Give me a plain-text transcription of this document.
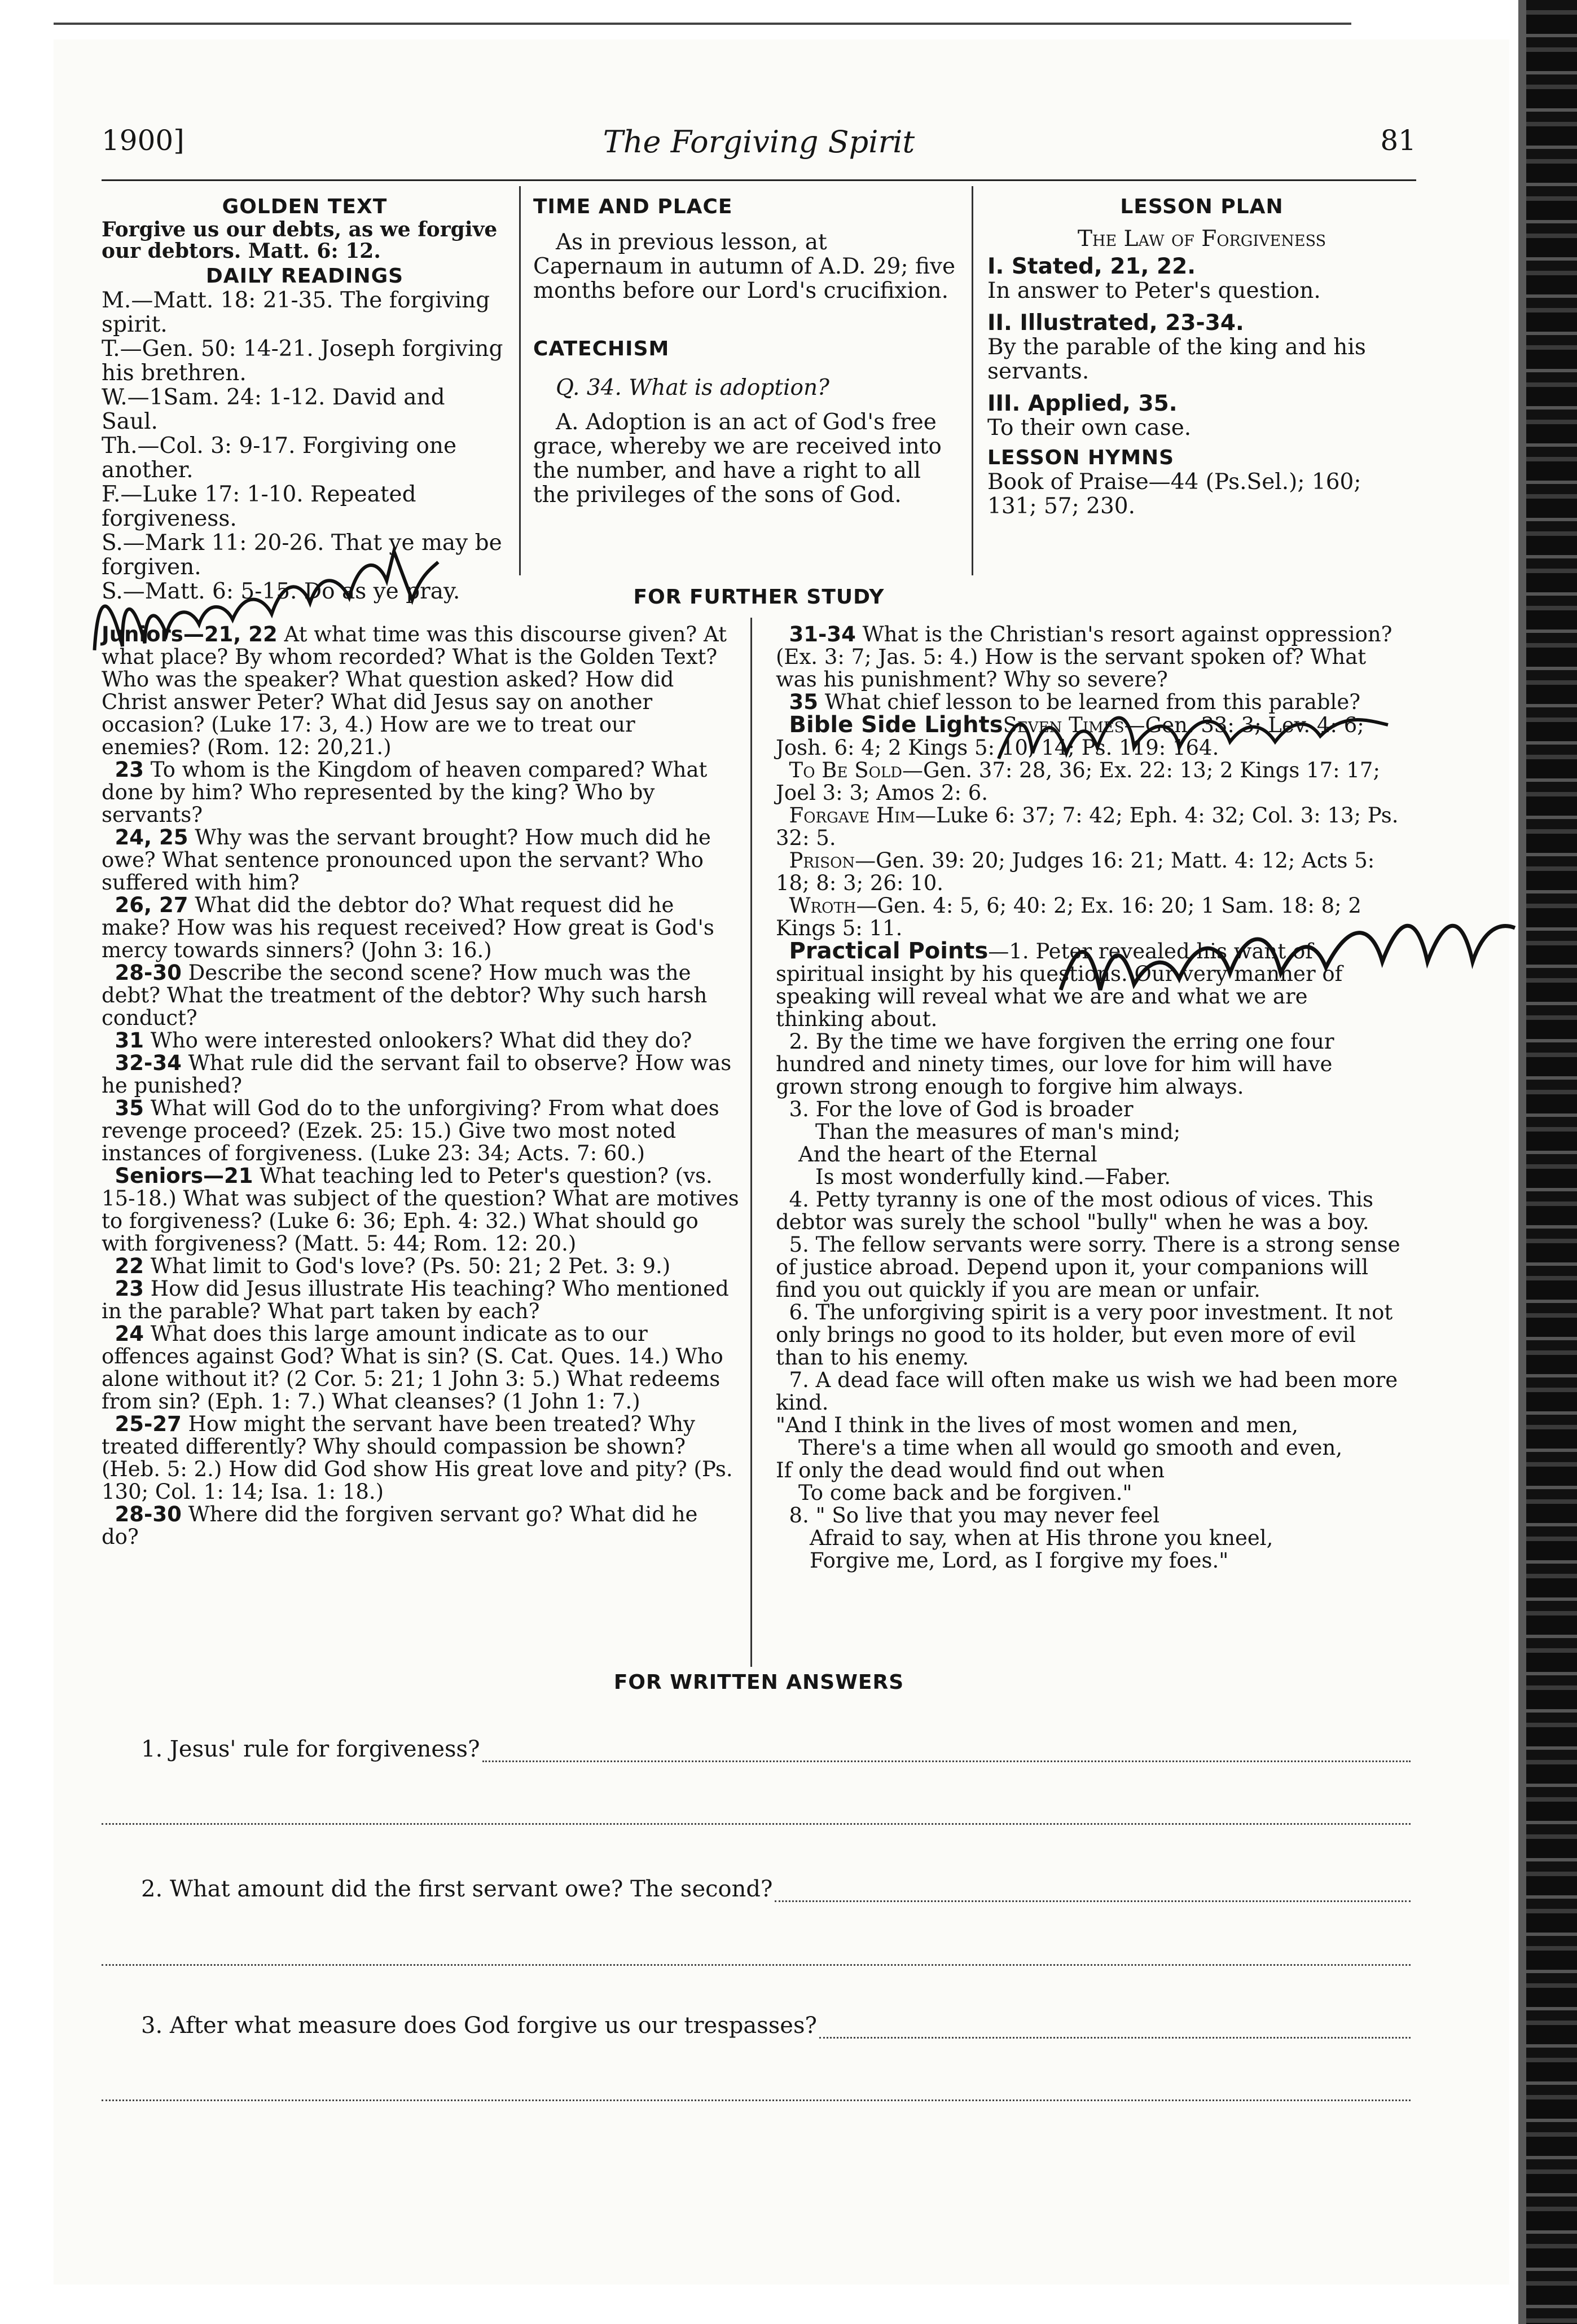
1900]	The Forgiving Spirit	81
GOLDEN TEXT

Forgive us our debts, as we forgive our debtors. Matt. 6: 12.

DAILY READINGS
M.—Matt. 18: 21-35. The forgiving spirit.
T.—Gen. 50: 14-21. Joseph forgiving his brethren.
W.—1Sam. 24: 1-12. David and Saul.
Th.—Col. 3: 9-17. Forgiving one another.
F.—Luke 17: 1-10. Repeated forgiveness.
S.—Mark 11: 20-26. That ye may be forgiven.
S.—Matt. 6: 5-15. Do as ye pray.
TIME AND PLACE

As in previous lesson, at Capernaum in autumn of A.D. 29; five months before our Lord's crucifixion.

CATECHISM

Q. 34. What is adoption?

A. Adoption is an act of God's free grace, whereby we are received into the number, and have a right to all the privileges of the sons of God.

LESSON PLAN

The Law of Forgiveness

I. Stated, 21, 22.
In answer to Peter's question.
II. Illustrated, 23-34.
By the parable of the king and his servants.
III. Applied, 35.
To their own case.
LESSON HYMNS

Book of Praise—44 (Ps.Sel.); 160; 131; 57; 230.

FOR FURTHER STUDY

Juniors—21, 22 At what time was this discourse given? At what place? By whom recorded? What is the Golden Text? Who was the speaker? What question asked? How did Christ answer Peter? What did Jesus say on another occasion? (Luke 17: 3, 4.) How are we to treat our enemies? (Rom. 12: 20,21.)

23 To whom is the Kingdom of heaven compared? What done by him? Who represented by the king? Who by servants?

24, 25 Why was the servant brought? How much did he owe? What sentence pronounced upon the servant? Who suffered with him?

26, 27 What did the debtor do? What request did he make? How was his request received? How great is God's mercy towards sinners? (John 3: 16.)

28-30 Describe the second scene? How much was the debt? What the treatment of the debtor? Why such harsh conduct?

31 Who were interested onlookers? What did they do?

32-34 What rule did the servant fail to observe? How was he punished?

35 What will God do to the unforgiving? From what does revenge proceed? (Ezek. 25: 15.) Give two most noted instances of forgiveness. (Luke 23: 34; Acts. 7: 60.)

Seniors—21 What teaching led to Peter's question? (vs. 15-18.) What was subject of the question? What are motives to forgiveness? (Luke 6: 36; Eph. 4: 32.) What should go with forgiveness? (Matt. 5: 44; Rom. 12: 20.)

22 What limit to God's love? (Ps. 50: 21; 2 Pet. 3: 9.)

23 How did Jesus illustrate His teaching? Who mentioned in the parable? What part taken by each?

24 What does this large amount indicate as to our offences against God? What is sin? (S. Cat. Ques. 14.) Who alone without it? (2 Cor. 5: 21; 1 John 3: 5.) What redeems from sin? (Eph. 1: 7.) What cleanses? (1 John 1: 7.)

25-27 How might the servant have been treated? Why treated differently? Why should compassion be shown? (Heb. 5: 2.) How did God show His great love and pity? (Ps. 130; Col. 1: 14; Isa. 1: 18.)

28-30 Where did the forgiven servant go? What did he do?

31-34 What is the Christian's resort against oppression? (Ex. 3: 7; Jas. 5: 4.) How is the servant spoken of? What was his punishment? Why so severe?

35 What chief lesson to be learned from this parable?

Bible Side LightsSeven Times—Gen. 33: 3; Lev. 4: 6; Josh. 6: 4; 2 Kings 5: 10, 14; Ps. 119: 164.

To Be Sold—Gen. 37: 28, 36; Ex. 22: 13; 2 Kings 17: 17; Joel 3: 3; Amos 2: 6.

Forgave Him—Luke 6: 37; 7: 42; Eph. 4: 32; Col. 3: 13; Ps. 32: 5.

Prison—Gen. 39: 20; Judges 16: 21; Matt. 4: 12; Acts 5: 18; 8: 3; 26: 10.

Wroth—Gen. 4: 5, 6; 40: 2; Ex. 16: 20; 1 Sam. 18: 8; 2 Kings 5: 11.

Practical Points—1. Peter revealed his want of spiritual insight by his questions. Our very manner of speaking will reveal what we are and what we are thinking about.

2. By the time we have forgiven the erring one four hundred and ninety times, our love for him will have grown strong enough to forgive him always.

3. For the love of God is broader

Than the measures of man's mind;

And the heart of the Eternal

Is most wonderfully kind.—Faber.

4. Petty tyranny is one of the most odious of vices. This debtor was surely the school "bully" when he was a boy.

5. The fellow servants were sorry. There is a strong sense of justice abroad. Depend upon it, your companions will find you out quickly if you are mean or unfair.

6. The unforgiving spirit is a very poor investment. It not only brings no good to its holder, but even more of evil than to his enemy.

7. A dead face will often make us wish we had been more kind.

"And I think in the lives of most women and men,

There's a time when all would go smooth and even,

If only the dead would find out when

To come back and be forgiven."

8. " So live that you may never feel

Afraid to say, when at His throne you kneel,

Forgive me, Lord, as I forgive my foes."

FOR WRITTEN ANSWERS
1. Jesus' rule for forgiveness?
2. What amount did the first servant owe? The second?
3. After what measure does God forgive us our trespasses?
